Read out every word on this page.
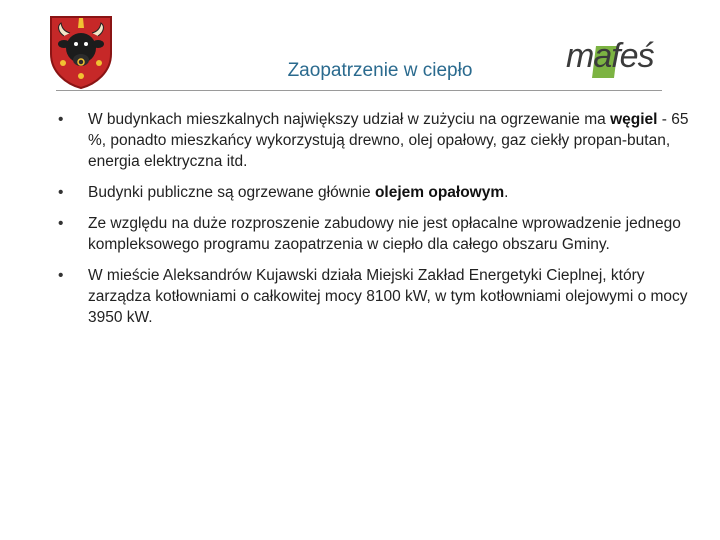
Zaopatrzenie w ciepło	mafeś
•	W budynkach mieszkalnych największy udział w zużyciu na ogrzewanie ma węgiel - 65 %, ponadto mieszkańcy wykorzystują drewno, olej opałowy, gaz ciekły propan-butan, energia elektryczna itd.
•	Budynki publiczne są ogrzewane głównie olejem opałowym.
•	Ze względu na duże rozproszenie zabudowy nie jest opłacalne wprowadzenie jednego kompleksowego programu zaopatrzenia w ciepło dla całego obszaru Gminy.
•	W mieście Aleksandrów Kujawski działa Miejski Zakład Energetyki Cieplnej, który zarządza kotłowniami o całkowitej mocy 8100 kW, w tym kotłowniami olejowymi o mocy 3950 kW.
